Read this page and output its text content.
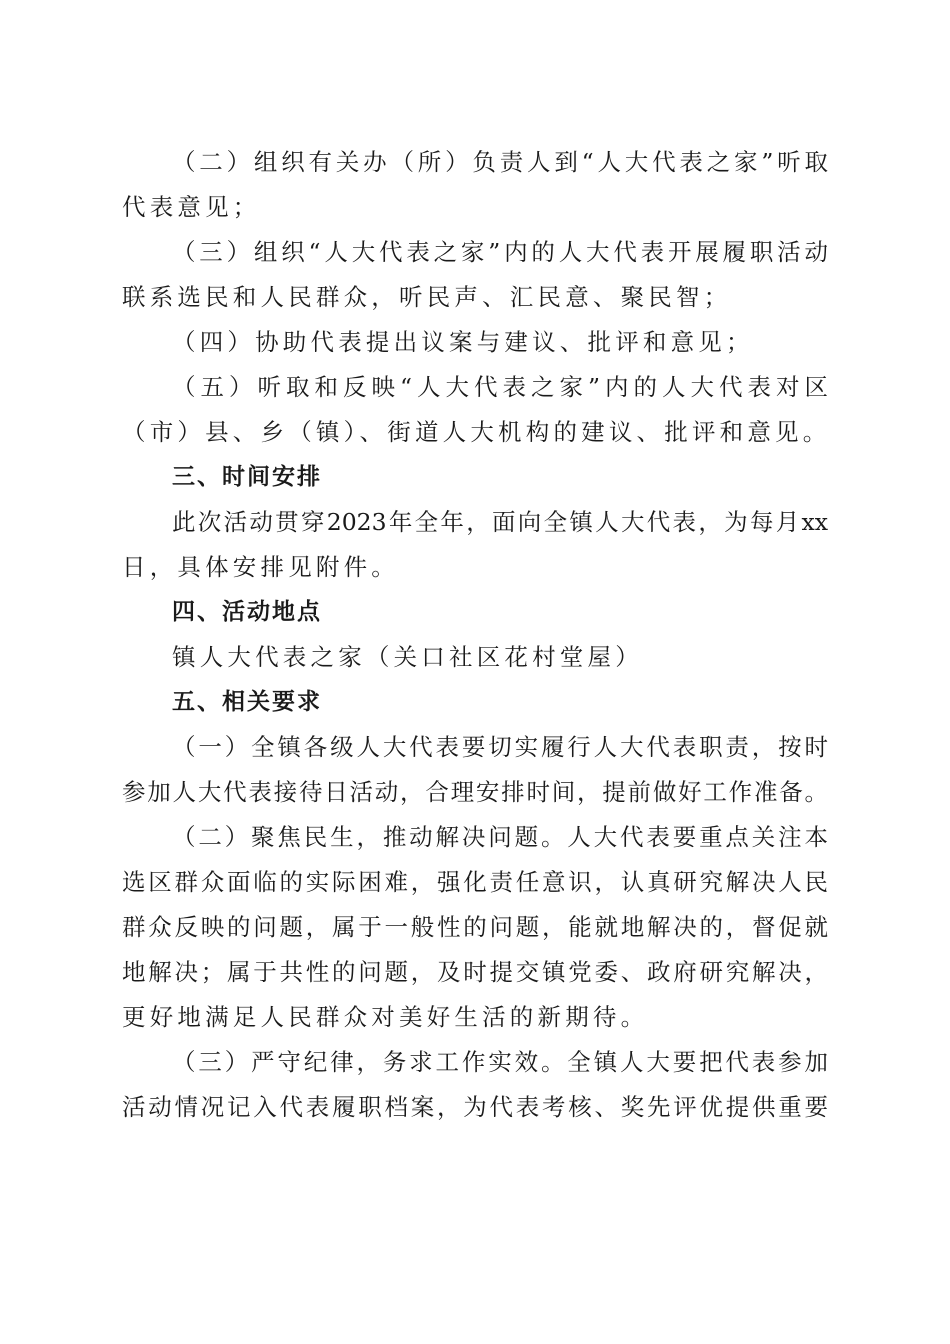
（二）组织有关办（所）负责人到“人大代表之家”听取
代表意见；
（三）组织“人大代表之家”内的人大代表开展履职活动
联系选民和人民群众，听民声、汇民意、聚民智；
（四）协助代表提出议案与建议、批评和意见；
（五）听取和反映“人大代表之家”内的人大代表对区
（市）县、乡（镇）、街道人大机构的建议、批评和意见。
三、时间安排
此次活动贯穿2023年全年，面向全镇人大代表，为每月xx
日，具体安排见附件。
四、活动地点
镇人大代表之家（关口社区花村堂屋）
五、相关要求
（一）全镇各级人大代表要切实履行人大代表职责，按时
参加人大代表接待日活动，合理安排时间，提前做好工作准备。
（二）聚焦民生，推动解决问题。人大代表要重点关注本
选区群众面临的实际困难，强化责任意识，认真研究解决人民
群众反映的问题，属于一般性的问题，能就地解决的，督促就
地解决；属于共性的问题，及时提交镇党委、政府研究解决，
更好地满足人民群众对美好生活的新期待。
（三）严守纪律，务求工作实效。全镇人大要把代表参加
活动情况记入代表履职档案，为代表考核、奖先评优提供重要
